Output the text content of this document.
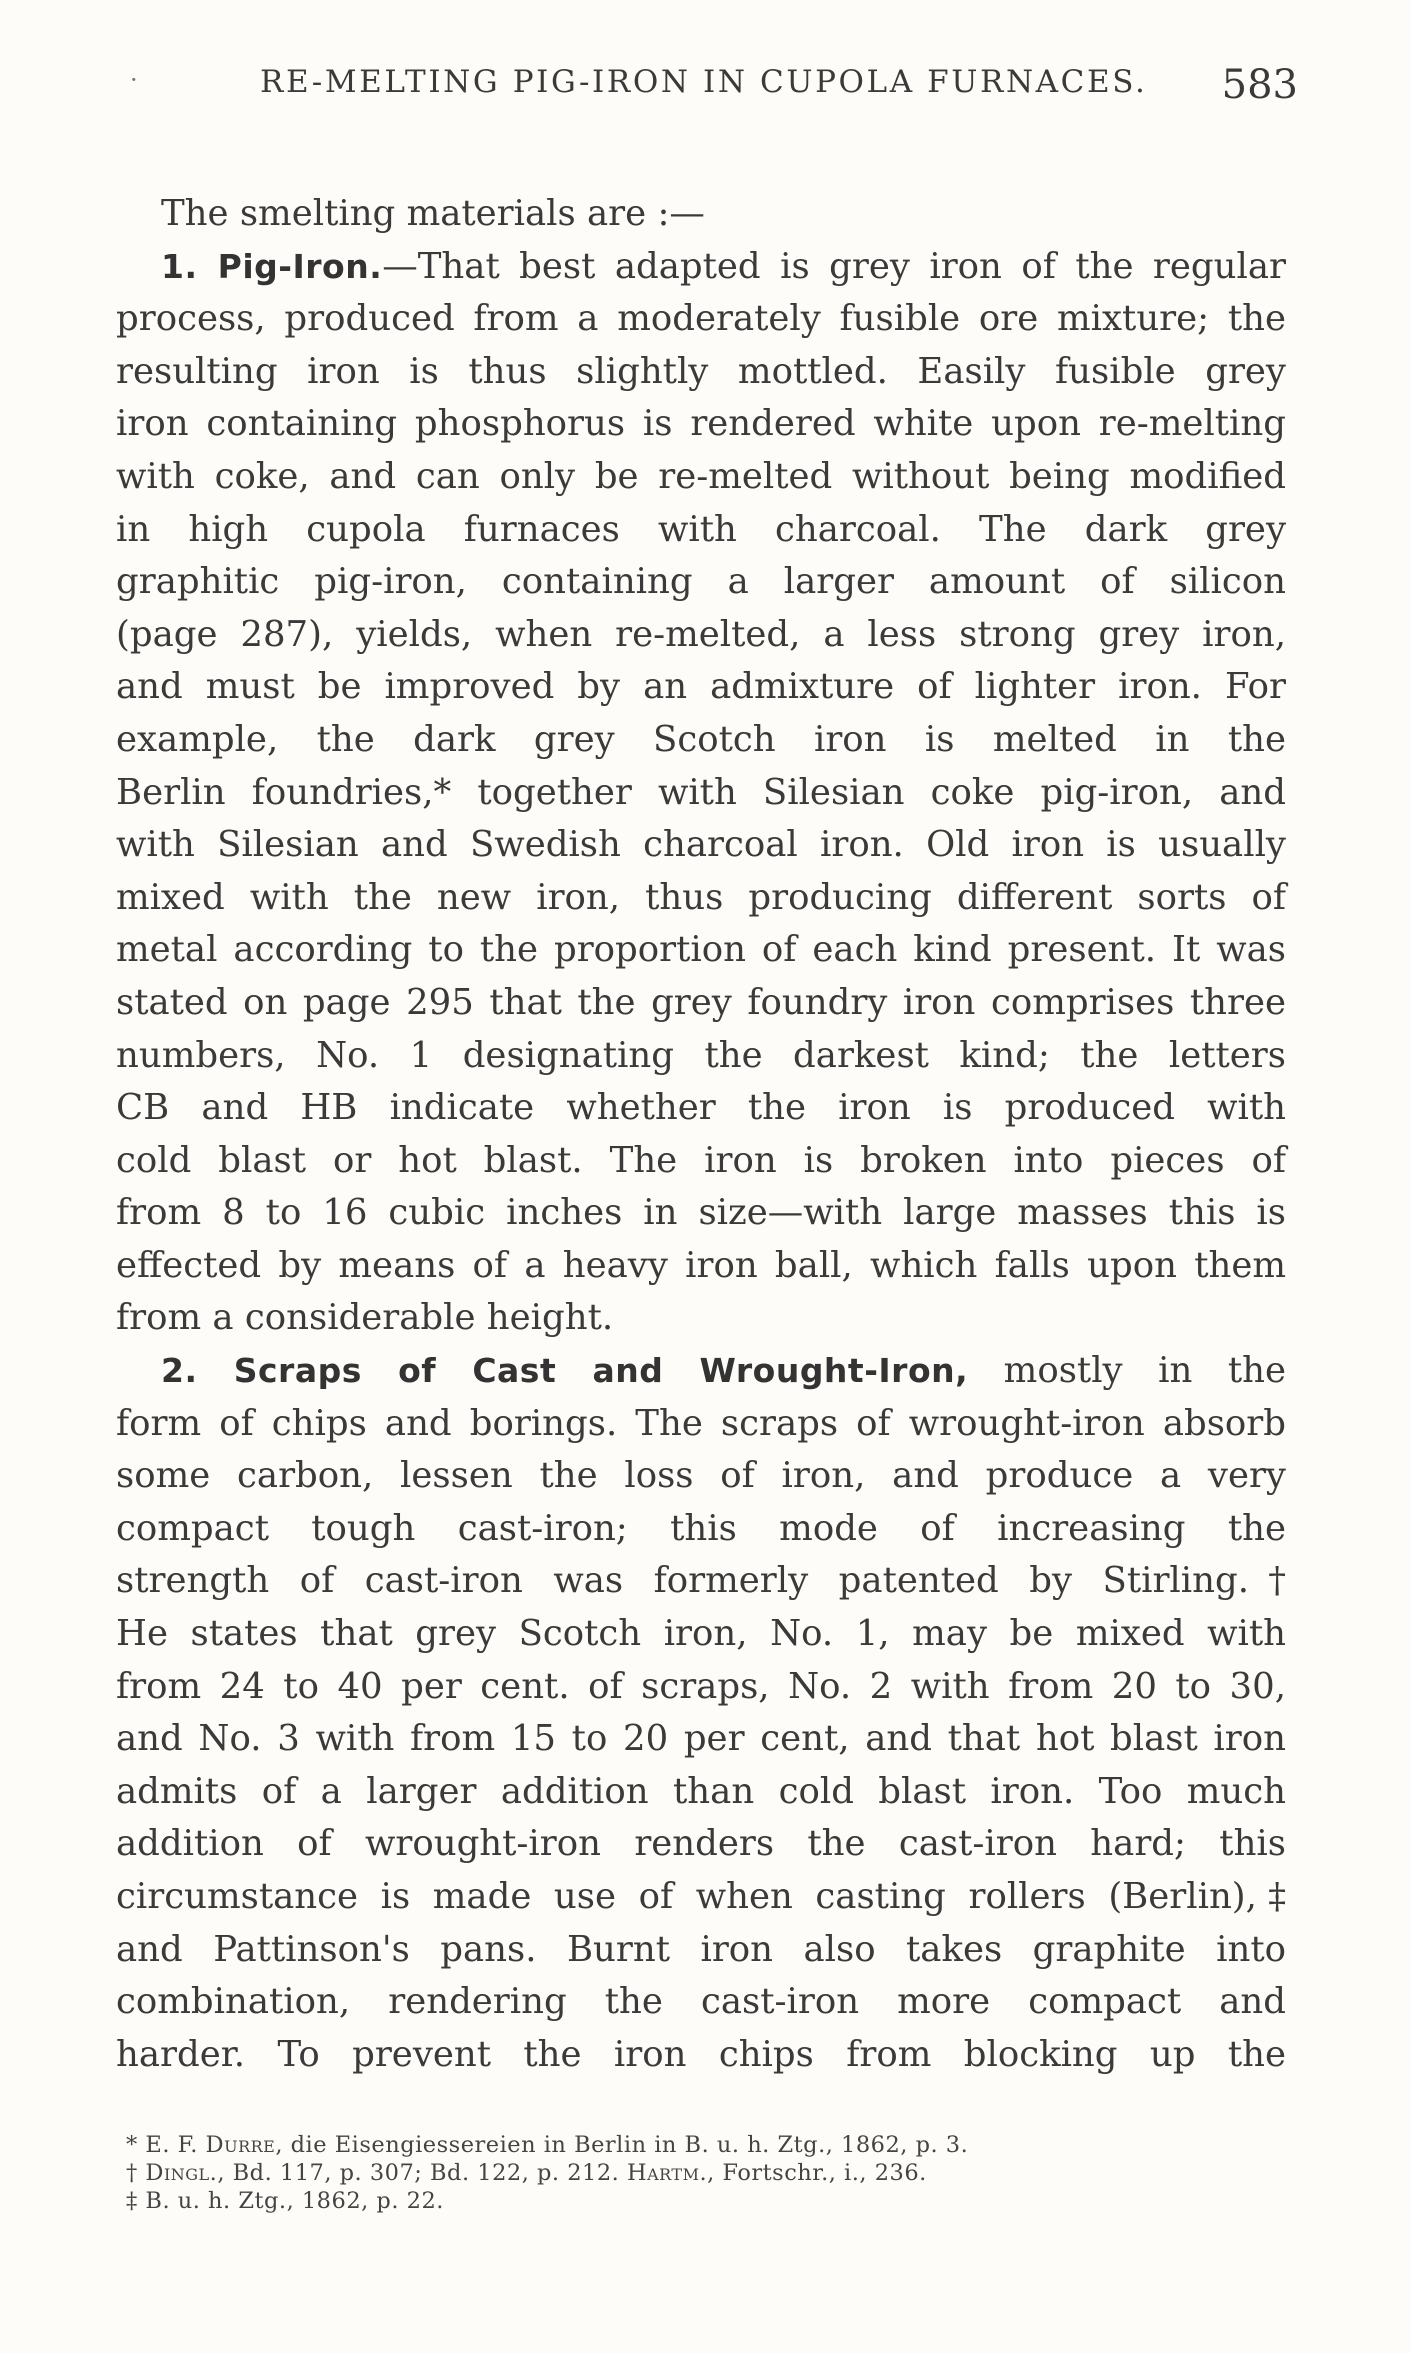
·	RE-MELTING PIG-IRON IN CUPOLA FURNACES. 583
The smelting materials are :—
1. Pig-Iron.—That best adapted is grey iron of the regular
process, produced from a moderately fusible ore mixture; the
resulting iron is thus slightly mottled. Easily fusible grey
iron containing phosphorus is rendered white upon re-melting
with coke, and can only be re-melted without being modified
in high cupola furnaces with charcoal. The dark grey
graphitic pig-iron, containing a larger amount of silicon
(page 287), yields, when re-melted, a less strong grey iron,
and must be improved by an admixture of lighter iron. For
example, the dark grey Scotch iron is melted in the
Berlin foundries,* together with Silesian coke pig-iron, and
with Silesian and Swedish charcoal iron. Old iron is usually
mixed with the new iron, thus producing different sorts of
metal according to the proportion of each kind present. It was
stated on page 295 that the grey foundry iron comprises three
numbers, No. 1 designating the darkest kind; the letters
CB and HB indicate whether the iron is produced with
cold blast or hot blast. The iron is broken into pieces of
from 8 to 16 cubic inches in size—with large masses this is
effected by means of a heavy iron ball, which falls upon them
from a considerable height.
2. Scraps of Cast and Wrought-Iron, mostly in the
form of chips and borings. The scraps of wrought-iron absorb
some carbon, lessen the loss of iron, and produce a very
compact tough cast-iron; this mode of increasing the
strength of cast-iron was formerly patented by Stirling.†
He states that grey Scotch iron, No. 1, may be mixed with
from 24 to 40 per cent. of scraps, No. 2 with from 20 to 30,
and No. 3 with from 15 to 20 per cent, and that hot blast iron
admits of a larger addition than cold blast iron. Too much
addition of wrought-iron renders the cast-iron hard; this
circumstance is made use of when casting rollers (Berlin),‡
and Pattinson's pans. Burnt iron also takes graphite into
combination, rendering the cast-iron more compact and
harder. To prevent the iron chips from blocking up the
* E. F. Durre, die Eisengiessereien in Berlin in B. u. h. Ztg., 1862, p. 3.
† Dingl., Bd. 117, p. 307; Bd. 122, p. 212. Hartm., Fortschr., i., 236.
‡ B. u. h. Ztg., 1862, p. 22.
